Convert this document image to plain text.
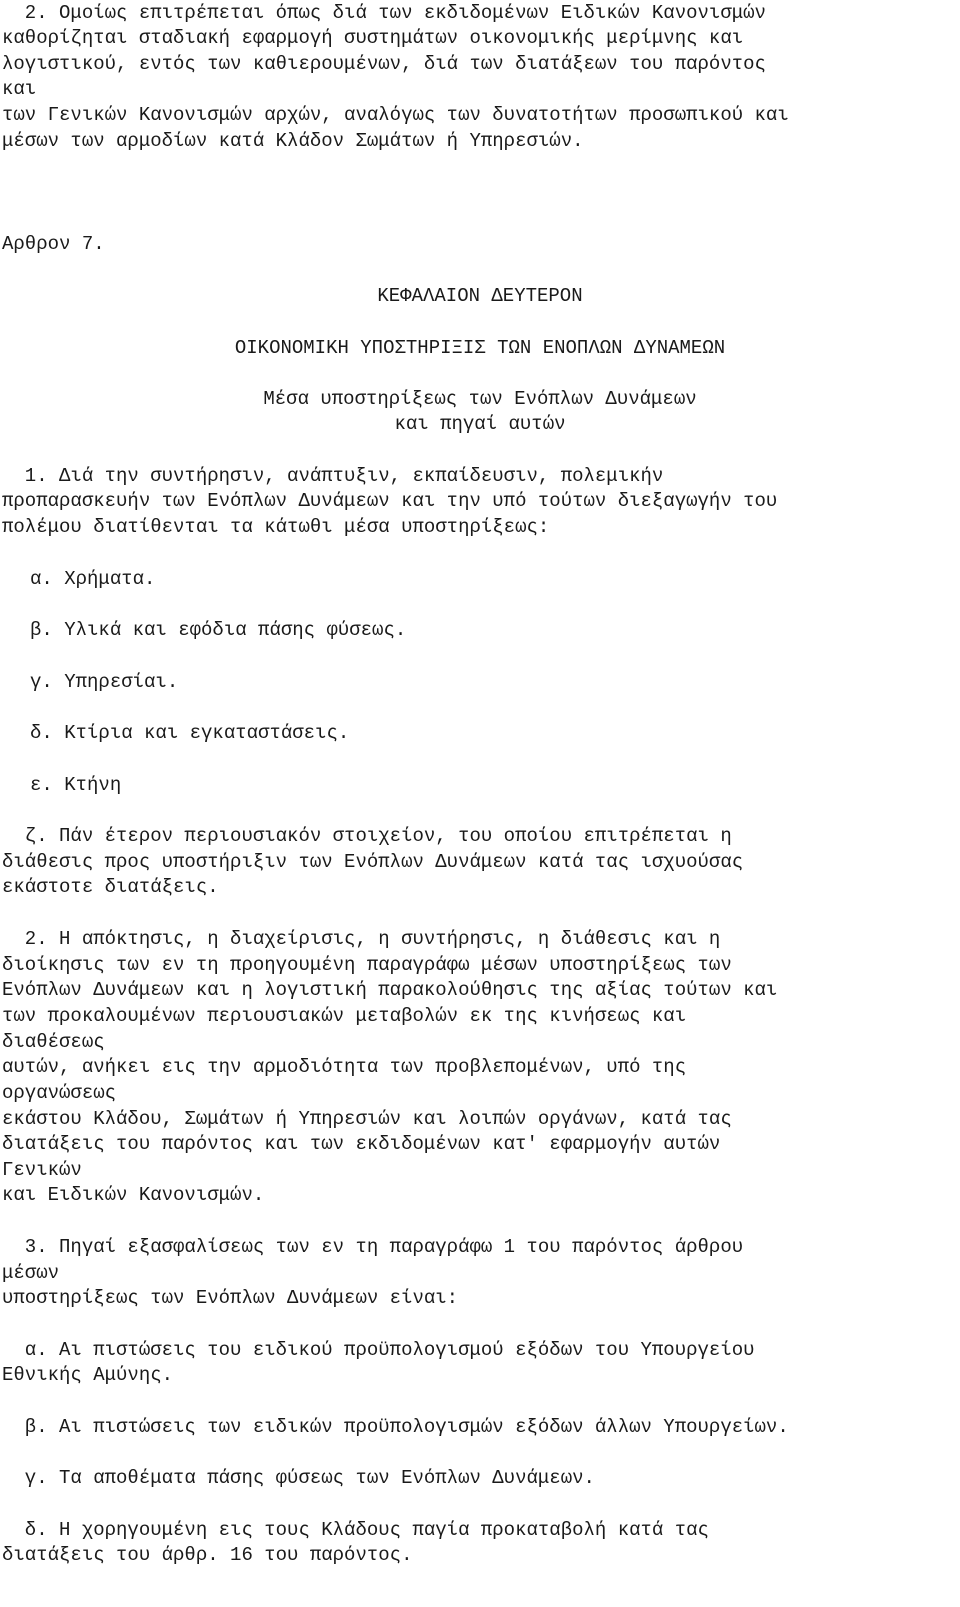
2. Ομοίως επιτρέπεται όπως διά των εκδιδομένων Ειδικών Κανονισμών
καθορίζηται σταδιακή εφαρμογή συστημάτων οικονομικής μερίμνης και
λογιστικού, εντός των καθιερουμένων, διά των διατάξεων του παρόντος
και
των Γενικών Κανονισμών αρχών, αναλόγως των δυνατοτήτων προσωπικού και
μέσων των αρμοδίων κατά Κλάδον Σωμάτων ή Υπηρεσιών.
Αρθρον 7.
ΚΕΦΑΛΑΙΟΝ ΔΕΥΤΕΡΟΝ
ΟΙΚΟΝΟΜΙΚΗ ΥΠΟΣΤΗΡΙΞΙΣ ΤΩΝ ΕΝΟΠΛΩΝ ΔΥΝΑΜΕΩΝ
Μέσα υποστηρίξεως των Ενόπλων Δυνάμεων
και πηγαί αυτών
1. Διά την συντήρησιν, ανάπτυξιν, εκπαίδευσιν, πολεμικήν
προπαρασκευήν των Ενόπλων Δυνάμεων και την υπό τούτων διεξαγωγήν του
πολέμου διατίθενται τα κάτωθι μέσα υποστηρίξεως:
α. Χρήματα.
β. Υλικά και εφόδια πάσης φύσεως.
γ. Υπηρεσίαι.
δ. Κτίρια και εγκαταστάσεις.
ε. Κτήνη
ζ. Πάν έτερον περιουσιακόν στοιχείον, του οποίου επιτρέπεται η
διάθεσις προς υποστήριξιν των Ενόπλων Δυνάμεων κατά τας ισχυούσας
εκάστοτε διατάξεις.
2. Η απόκτησις, η διαχείρισις, η συντήρησις, η διάθεσις και η
διοίκησις των εν τη προηγουμένη παραγράφω μέσων υποστηρίξεως των
Ενόπλων Δυνάμεων και η λογιστική παρακολούθησις της αξίας τούτων και
των προκαλουμένων περιουσιακών μεταβολών εκ της κινήσεως και
διαθέσεως
αυτών, ανήκει εις την αρμοδιότητα των προβλεπομένων, υπό της
οργανώσεως
εκάστου Κλάδου, Σωμάτων ή Υπηρεσιών και λοιπών οργάνων, κατά τας
διατάξεις του παρόντος και των εκδιδομένων κατ' εφαρμογήν αυτών
Γενικών
και Ειδικών Κανονισμών.
3. Πηγαί εξασφαλίσεως των εν τη παραγράφω 1 του παρόντος άρθρου
μέσων
υποστηρίξεως των Ενόπλων Δυνάμεων είναι:
α. Αι πιστώσεις του ειδικού προϋπολογισμού εξόδων του Υπουργείου
Εθνικής Αμύνης.
β. Αι πιστώσεις των ειδικών προϋπολογισμών εξόδων άλλων Υπουργείων.
γ. Τα αποθέματα πάσης φύσεως των Ενόπλων Δυνάμεων.
δ. Η χορηγουμένη εις τους Κλάδους παγία προκαταβολή κατά τας
διατάξεις του άρθρ. 16 του παρόντος.
